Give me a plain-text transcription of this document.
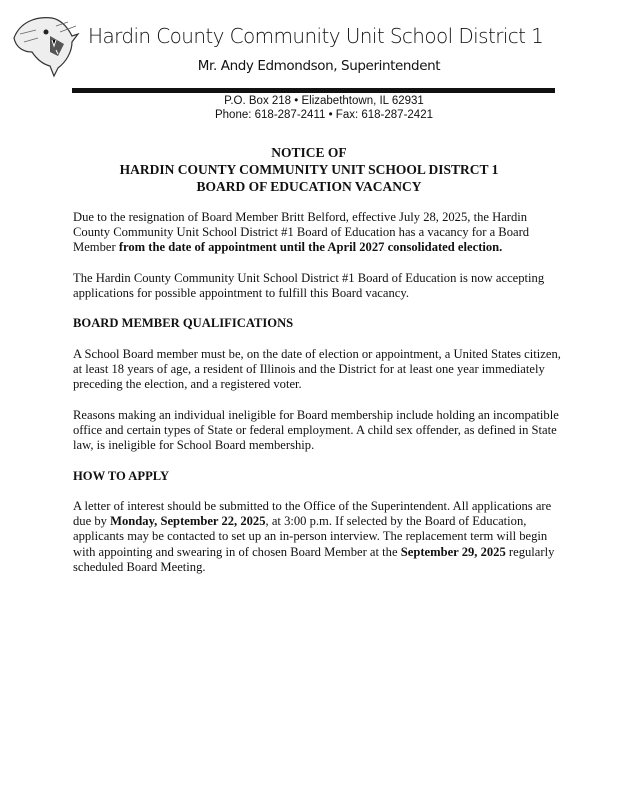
Hardin County Community Unit School District 1
Mr. Andy Edmondson, Superintendent
P.O. Box 218 • Elizabethtown, IL 62931
Phone: 618-287-2411 • Fax: 618-287-2421
NOTICE OF
HARDIN COUNTY COMMUNITY UNIT SCHOOL DISTRCT 1
BOARD OF EDUCATION VACANCY
Due to the resignation of Board Member Britt Belford, effective July 28, 2025, the Hardin
County Community Unit School District #1 Board of Education has a vacancy for a Board
Member from the date of appointment until the April 2027 consolidated election.
The Hardin County Community Unit School District #1 Board of Education is now accepting
applications for possible appointment to fulfill this Board vacancy.
BOARD MEMBER QUALIFICATIONS
A School Board member must be, on the date of election or appointment, a United States citizen,
at least 18 years of age, a resident of Illinois and the District for at least one year immediately
preceding the election, and a registered voter.
Reasons making an individual ineligible for Board membership include holding an incompatible
office and certain types of State or federal employment. A child sex offender, as defined in State
law, is ineligible for School Board membership.
HOW TO APPLY
A letter of interest should be submitted to the Office of the Superintendent. All applications are
due by Monday, September 22, 2025, at 3:00 p.m. If selected by the Board of Education,
applicants may be contacted to set up an in-person interview. The replacement term will begin
with appointing and swearing in of chosen Board Member at the September 29, 2025 regularly
scheduled Board Meeting.
